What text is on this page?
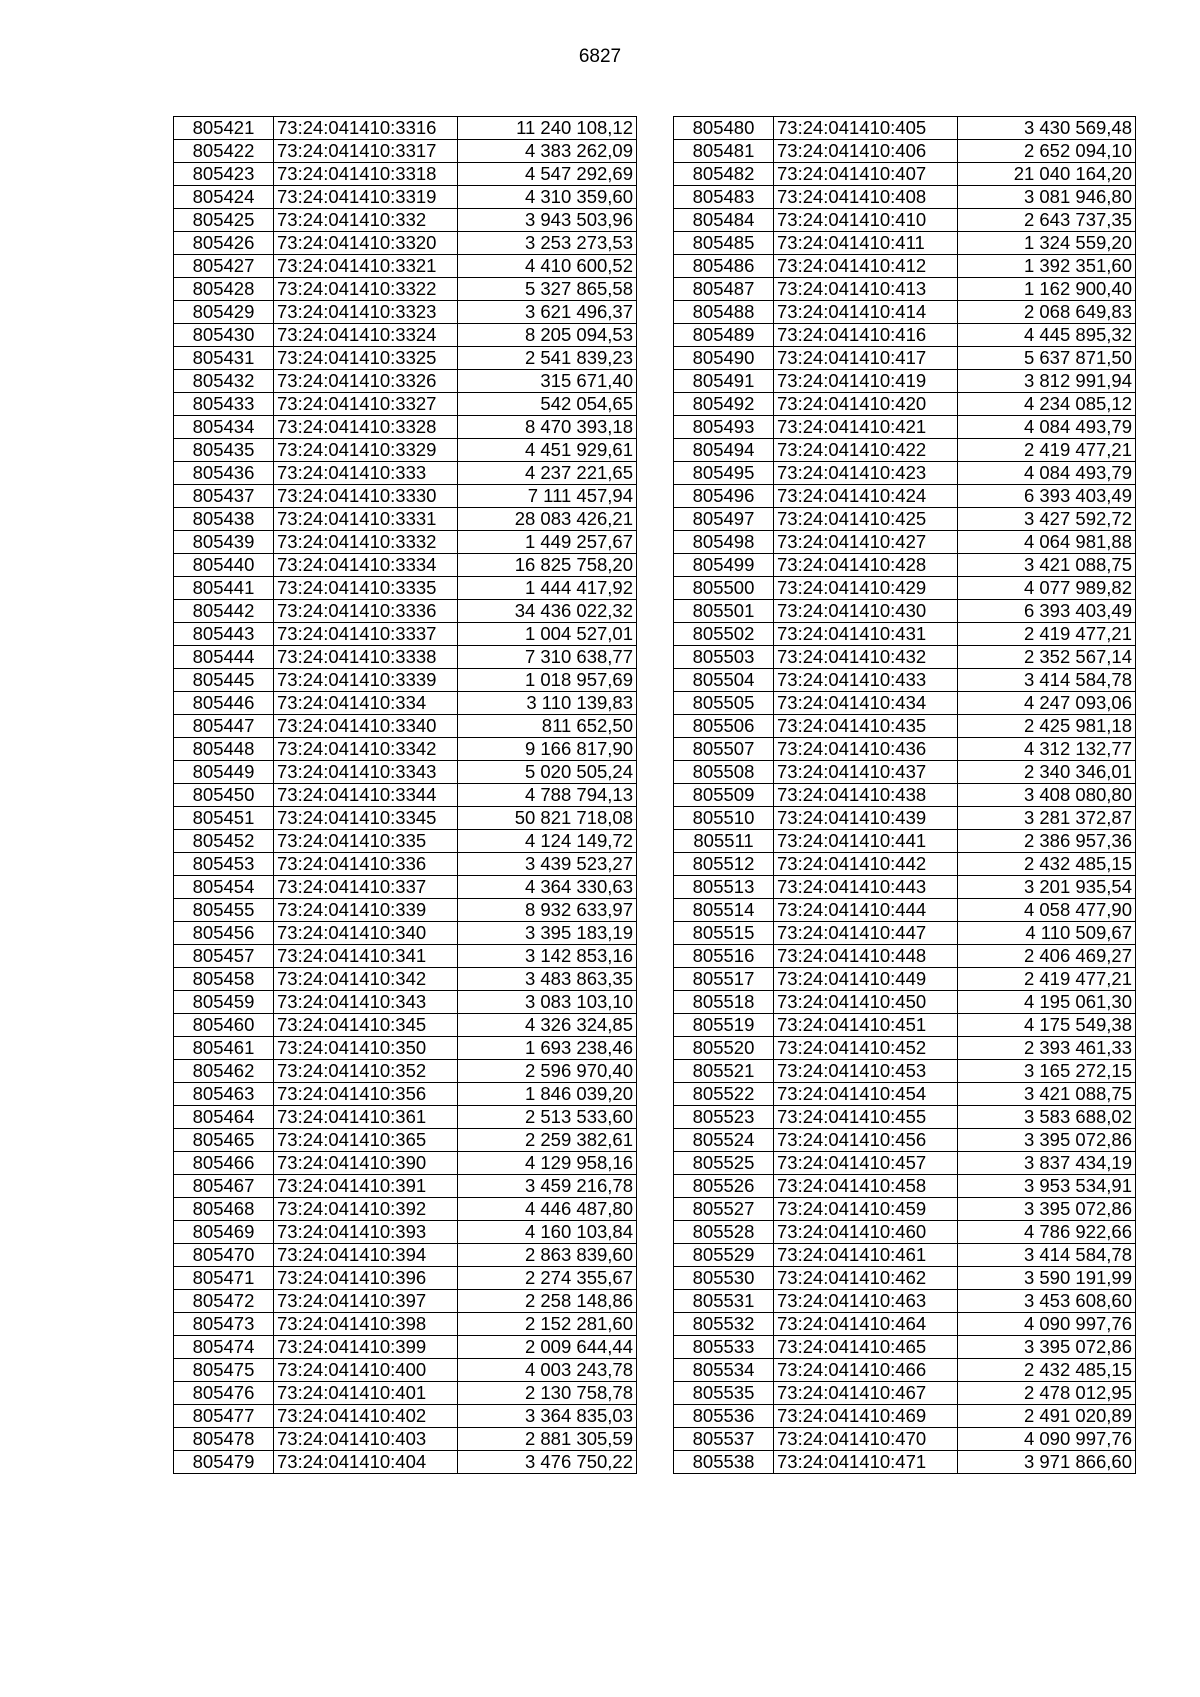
6827
805421	73:24:041410:3316	11 240 108,12
805422	73:24:041410:3317	4 383 262,09
805423	73:24:041410:3318	4 547 292,69
805424	73:24:041410:3319	4 310 359,60
805425	73:24:041410:332	3 943 503,96
805426	73:24:041410:3320	3 253 273,53
805427	73:24:041410:3321	4 410 600,52
805428	73:24:041410:3322	5 327 865,58
805429	73:24:041410:3323	3 621 496,37
805430	73:24:041410:3324	8 205 094,53
805431	73:24:041410:3325	2 541 839,23
805432	73:24:041410:3326	315 671,40
805433	73:24:041410:3327	542 054,65
805434	73:24:041410:3328	8 470 393,18
805435	73:24:041410:3329	4 451 929,61
805436	73:24:041410:333	4 237 221,65
805437	73:24:041410:3330	7 111 457,94
805438	73:24:041410:3331	28 083 426,21
805439	73:24:041410:3332	1 449 257,67
805440	73:24:041410:3334	16 825 758,20
805441	73:24:041410:3335	1 444 417,92
805442	73:24:041410:3336	34 436 022,32
805443	73:24:041410:3337	1 004 527,01
805444	73:24:041410:3338	7 310 638,77
805445	73:24:041410:3339	1 018 957,69
805446	73:24:041410:334	3 110 139,83
805447	73:24:041410:3340	811 652,50
805448	73:24:041410:3342	9 166 817,90
805449	73:24:041410:3343	5 020 505,24
805450	73:24:041410:3344	4 788 794,13
805451	73:24:041410:3345	50 821 718,08
805452	73:24:041410:335	4 124 149,72
805453	73:24:041410:336	3 439 523,27
805454	73:24:041410:337	4 364 330,63
805455	73:24:041410:339	8 932 633,97
805456	73:24:041410:340	3 395 183,19
805457	73:24:041410:341	3 142 853,16
805458	73:24:041410:342	3 483 863,35
805459	73:24:041410:343	3 083 103,10
805460	73:24:041410:345	4 326 324,85
805461	73:24:041410:350	1 693 238,46
805462	73:24:041410:352	2 596 970,40
805463	73:24:041410:356	1 846 039,20
805464	73:24:041410:361	2 513 533,60
805465	73:24:041410:365	2 259 382,61
805466	73:24:041410:390	4 129 958,16
805467	73:24:041410:391	3 459 216,78
805468	73:24:041410:392	4 446 487,80
805469	73:24:041410:393	4 160 103,84
805470	73:24:041410:394	2 863 839,60
805471	73:24:041410:396	2 274 355,67
805472	73:24:041410:397	2 258 148,86
805473	73:24:041410:398	2 152 281,60
805474	73:24:041410:399	2 009 644,44
805475	73:24:041410:400	4 003 243,78
805476	73:24:041410:401	2 130 758,78
805477	73:24:041410:402	3 364 835,03
805478	73:24:041410:403	2 881 305,59
805479	73:24:041410:404	3 476 750,22
805480	73:24:041410:405	3 430 569,48
805481	73:24:041410:406	2 652 094,10
805482	73:24:041410:407	21 040 164,20
805483	73:24:041410:408	3 081 946,80
805484	73:24:041410:410	2 643 737,35
805485	73:24:041410:411	1 324 559,20
805486	73:24:041410:412	1 392 351,60
805487	73:24:041410:413	1 162 900,40
805488	73:24:041410:414	2 068 649,83
805489	73:24:041410:416	4 445 895,32
805490	73:24:041410:417	5 637 871,50
805491	73:24:041410:419	3 812 991,94
805492	73:24:041410:420	4 234 085,12
805493	73:24:041410:421	4 084 493,79
805494	73:24:041410:422	2 419 477,21
805495	73:24:041410:423	4 084 493,79
805496	73:24:041410:424	6 393 403,49
805497	73:24:041410:425	3 427 592,72
805498	73:24:041410:427	4 064 981,88
805499	73:24:041410:428	3 421 088,75
805500	73:24:041410:429	4 077 989,82
805501	73:24:041410:430	6 393 403,49
805502	73:24:041410:431	2 419 477,21
805503	73:24:041410:432	2 352 567,14
805504	73:24:041410:433	3 414 584,78
805505	73:24:041410:434	4 247 093,06
805506	73:24:041410:435	2 425 981,18
805507	73:24:041410:436	4 312 132,77
805508	73:24:041410:437	2 340 346,01
805509	73:24:041410:438	3 408 080,80
805510	73:24:041410:439	3 281 372,87
805511	73:24:041410:441	2 386 957,36
805512	73:24:041410:442	2 432 485,15
805513	73:24:041410:443	3 201 935,54
805514	73:24:041410:444	4 058 477,90
805515	73:24:041410:447	4 110 509,67
805516	73:24:041410:448	2 406 469,27
805517	73:24:041410:449	2 419 477,21
805518	73:24:041410:450	4 195 061,30
805519	73:24:041410:451	4 175 549,38
805520	73:24:041410:452	2 393 461,33
805521	73:24:041410:453	3 165 272,15
805522	73:24:041410:454	3 421 088,75
805523	73:24:041410:455	3 583 688,02
805524	73:24:041410:456	3 395 072,86
805525	73:24:041410:457	3 837 434,19
805526	73:24:041410:458	3 953 534,91
805527	73:24:041410:459	3 395 072,86
805528	73:24:041410:460	4 786 922,66
805529	73:24:041410:461	3 414 584,78
805530	73:24:041410:462	3 590 191,99
805531	73:24:041410:463	3 453 608,60
805532	73:24:041410:464	4 090 997,76
805533	73:24:041410:465	3 395 072,86
805534	73:24:041410:466	2 432 485,15
805535	73:24:041410:467	2 478 012,95
805536	73:24:041410:469	2 491 020,89
805537	73:24:041410:470	4 090 997,76
805538	73:24:041410:471	3 971 866,60
